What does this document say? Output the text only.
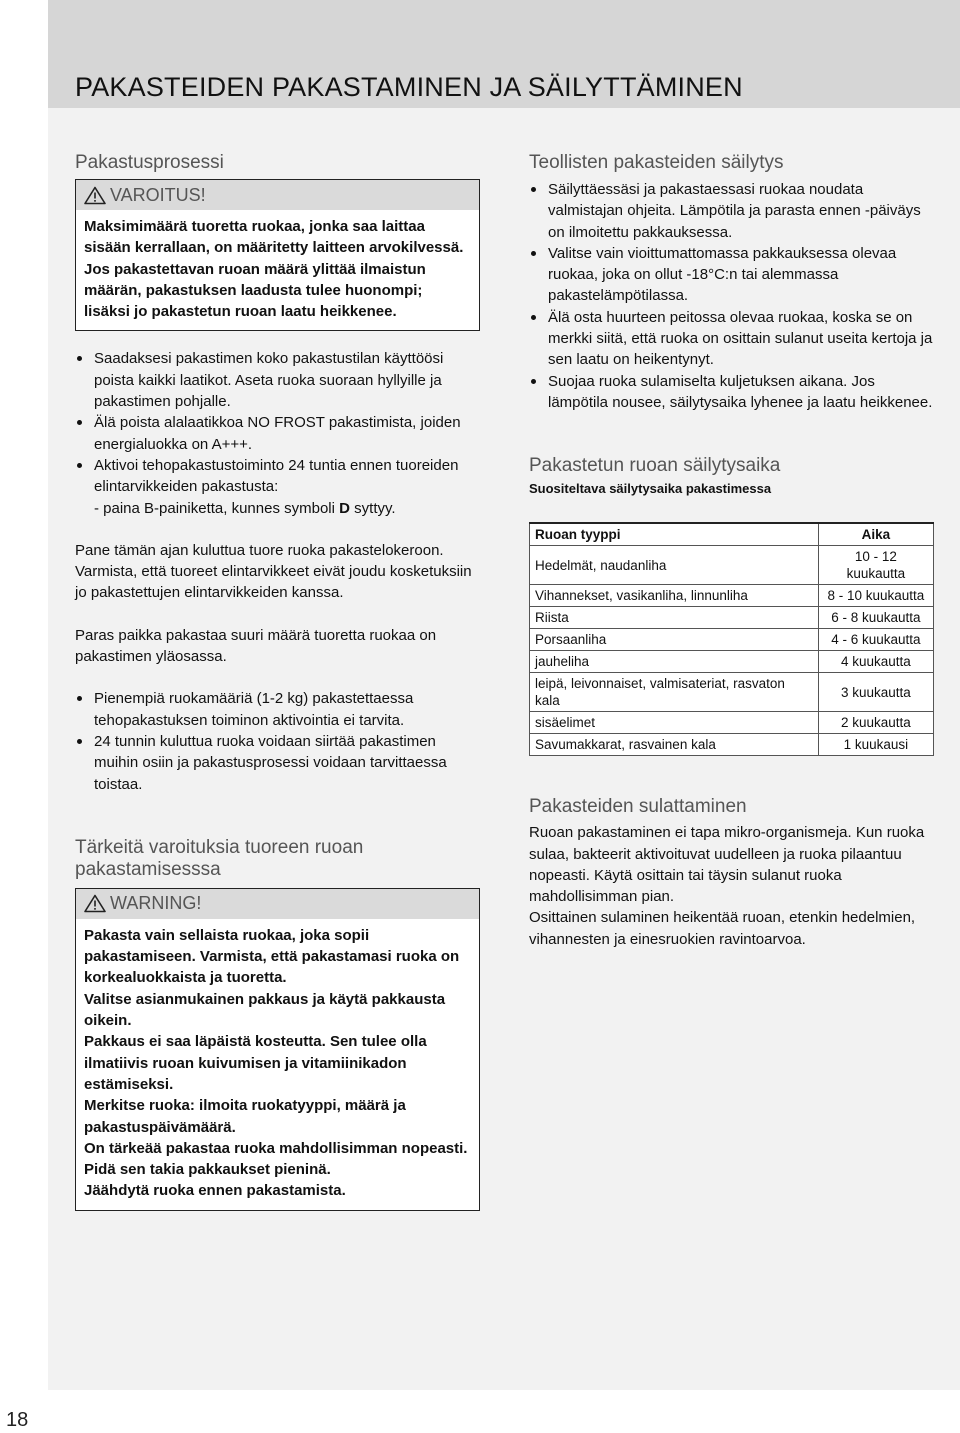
PAKASTEIDEN PAKASTAMINEN JA SÄILYTTÄMINEN
Pakastusprosessi
VAROITUS!

Maksimimäärä tuoretta ruokaa, jonka saa laittaa sisään kerrallaan, on määritetty laitteen arvokilvessä. Jos pakastettavan ruoan määrä ylittää ilmaistun määrän, pakastuksen laadusta tulee huonompi; lisäksi jo pakastetun ruoan laatu heikkenee.

Saadaksesi pakastimen koko pakastustilan käyttöösi poista kaikki laatikot. Aseta ruoka suoraan hyllyille ja pakastimen pohjalle.
Älä poista alalaatikkoa NO FROST pakastimista, joiden energialuokka on A+++.
Aktivoi tehopakastustoiminto 24 tuntia ennen tuoreiden elintarvikkeiden pakastusta:
- paina B-painiketta, kunnes symboli D syttyy.

Pane tämän ajan kuluttua tuore ruoka pakastelokeroon. Varmista, että tuoreet elintarvikkeet eivät joudu kosketuksiin jo pakastettujen elintarvikkeiden kanssa.

Paras paikka pakastaa suuri määrä tuoretta ruokaa on pakastimen yläosassa.

Pienempiä ruokamääriä (1-2 kg) pakastettaessa tehopakastuksen toiminon aktivointia ei tarvita.
24 tunnin kuluttua ruoka voidaan siirtää pakastimen muihin osiin ja pakastusprosessi voidaan tarvittaessa toistaa.
Tärkeitä varoituksia tuoreen ruoan pakastamisesssa
WARNING!

Pakasta vain sellaista ruokaa, joka sopii pakastamiseen. Varmista, että pakastamasi ruoka on korkealuokkaista ja tuoretta.

Valitse asianmukainen pakkaus ja käytä pakkausta oikein.

Pakkaus ei saa läpäistä kosteutta. Sen tulee olla ilmatiivis ruoan kuivumisen ja vitamiinikadon estämiseksi.

Merkitse ruoka: ilmoita ruokatyyppi, määrä ja pakastuspäivämäärä.

On tärkeää pakastaa ruoka mahdollisimman nopeasti. Pidä sen takia pakkaukset pieninä.

Jäähdytä ruoka ennen pakastamista.

Teollisten pakasteiden säilytys
Säilyttäessäsi ja pakastaessasi ruokaa noudata valmistajan ohjeita. Lämpötila ja parasta ennen -päiväys on ilmoitettu pakkauksessa.
Valitse vain vioittumattomassa pakkauksessa olevaa ruokaa, joka on ollut -18°C:n tai alemmassa pakastelämpötilassa.
Älä osta huurteen peitossa olevaa ruokaa, koska se on merkki siitä, että ruoka on osittain sulanut useita kertoja ja sen laatu on heikentynyt.
Suojaa ruoka sulamiselta kuljetuksen aikana. Jos lämpötila nousee, säilytysaika lyhenee ja laatu heikkenee.
Pakastetun ruoan säilytysaika

Suositeltava säilytysaika pakastimessa

Ruoan tyyppi	Aika
Hedelmät, naudanliha	10 - 12 kuukautta
Vihannekset, vasikanliha, linnunliha	8 - 10 kuukautta
Riista	6 - 8 kuukautta
Porsaanliha	4 - 6 kuukautta
jauheliha	4 kuukautta
leipä, leivonnaiset, valmisateriat, rasvaton kala	3 kuukautta
sisäelimet	2 kuukautta
Savumakkarat, rasvainen kala	1 kuukausi
Pakasteiden sulattaminen

Ruoan pakastaminen ei tapa mikro-organismeja. Kun ruoka sulaa, bakteerit aktivoituvat uudelleen ja ruoka pilaantuu nopeasti. Käytä osittain tai täysin sulanut ruoka mahdollisimman pian.

Osittainen sulaminen heikentää ruoan, etenkin hedelmien, vihannesten ja einesruokien ravintoarvoa.

18
